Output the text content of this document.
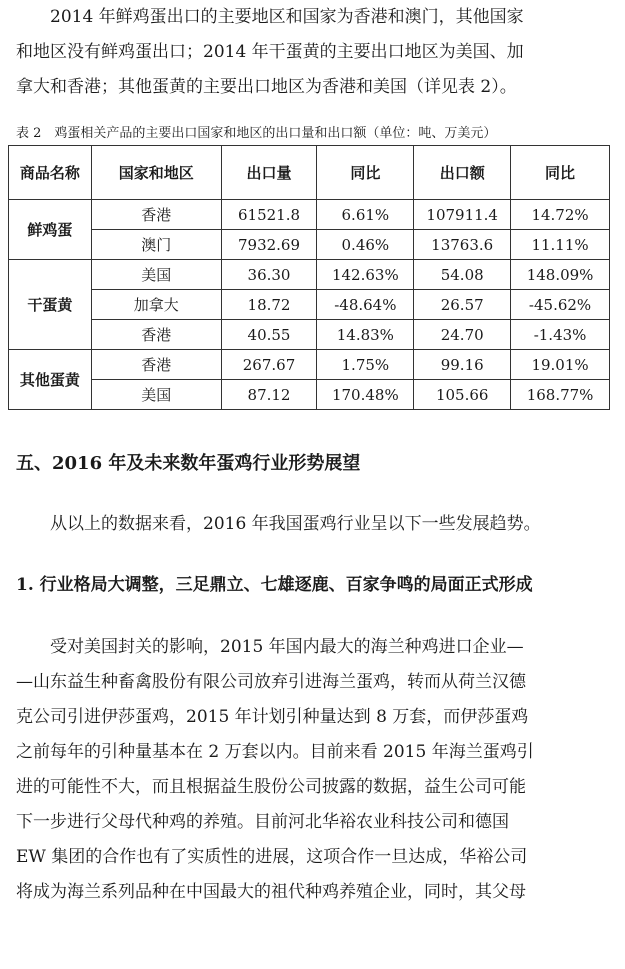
　　2014 年鲜鸡蛋出口的主要地区和国家为香港和澳门，其他国家
和地区没有鲜鸡蛋出口；2014 年干蛋黄的主要出口地区为美国、加
拿大和香港；其他蛋黄的主要出口地区为香港和美国（详见表 2）。

表 2　鸡蛋相关产品的主要出口国家和地区的出口量和出口额（单位：吨、万美元）

商品名称	国家和地区	出口量	同比	出口额	同比
鲜鸡蛋	香港	61521.8	6.61%	107911.4	14.72%
	澳门	7932.69	0.46%	13763.6	11.11%
干蛋黄	美国	36.30	142.63%	54.08	148.09%
	加拿大	18.72	-48.64%	26.57	-45.62%
	香港	40.55	14.83%	24.70	-1.43%
其他蛋黄	香港	267.67	1.75%	99.16	19.01%
	美国	87.12	170.48%	105.66	168.77%
五、2016 年及未来数年蛋鸡行业形势展望
　　从以上的数据来看，2016 年我国蛋鸡行业呈以下一些发展趋势。
1. 行业格局大调整，三足鼎立、七雄逐鹿、百家争鸣的局面正式形成
　　受对美国封关的影响，2015 年国内最大的海兰种鸡进口企业—
—山东益生种畜禽股份有限公司放弃引进海兰蛋鸡，转而从荷兰汉德
克公司引进伊莎蛋鸡，2015 年计划引种量达到 8 万套，而伊莎蛋鸡
之前每年的引种量基本在 2 万套以内。目前来看 2015 年海兰蛋鸡引
进的可能性不大，而且根据益生股份公司披露的数据，益生公司可能
下一步进行父母代种鸡的养殖。目前河北华裕农业科技公司和德国
EW 集团的合作也有了实质性的进展，这项合作一旦达成，华裕公司
将成为海兰系列品种在中国最大的祖代种鸡养殖企业，同时，其父母
